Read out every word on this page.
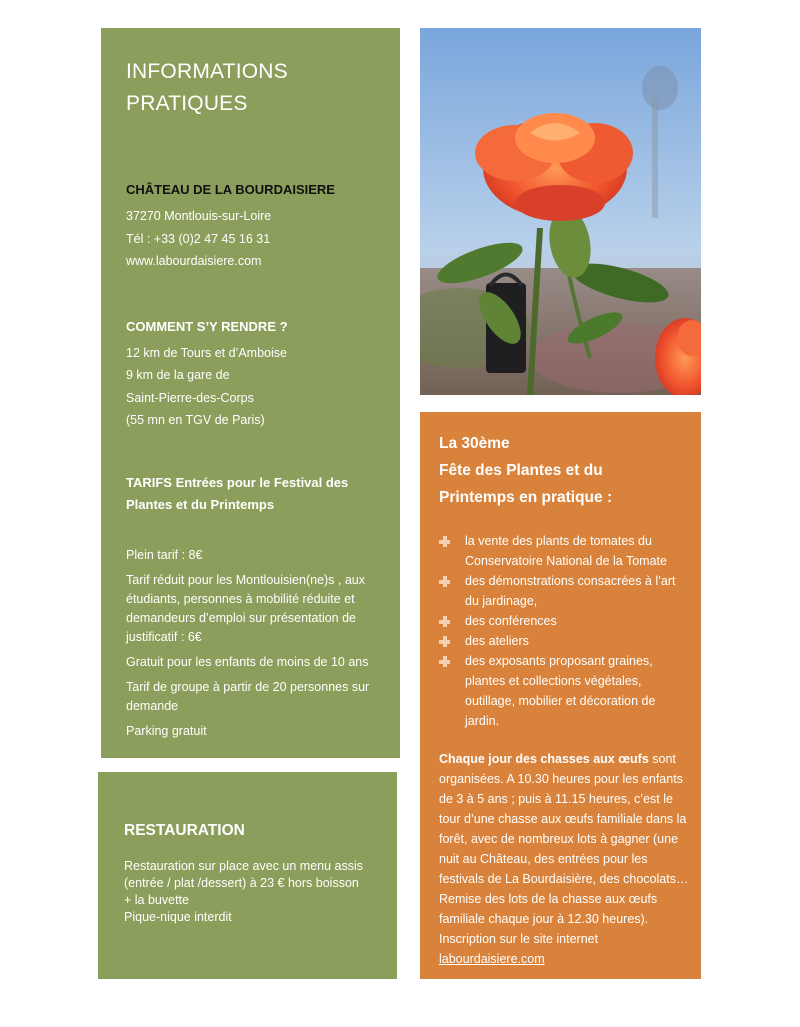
INFORMATIONS
PRATIQUES

CHÂTEAU DE LA BOURDAISIERE

37270 Montlouis-sur-Loire

Tél : +33 (0)2 47 45 16 31

www.labourdaisiere.com

COMMENT S’Y RENDRE ?

12 km de Tours et d’Amboise

9 km de la gare de

Saint-Pierre-des-Corps

(55 mn en TGV de Paris)

TARIFS Entrées pour le Festival des

Plantes et du Printemps

Plein tarif : 8€

Tarif réduit pour les Montlouisien(ne)s , aux étudiants, personnes à mobilité réduite et demandeurs d’emploi sur présentation de justificatif : 6€

Gratuit pour les enfants de moins de 10 ans

Tarif de groupe à partir de 20 personnes sur demande

Parking gratuit

RESTAURATION

Restauration sur place avec un menu assis

(entrée / plat /dessert) à 23 € hors boisson

+ la buvette

Pique-nique interdit

La 30ème

Fête des Plantes et du

Printemps en pratique :

la vente des plants de tomates du Conservatoire National de la Tomate
des démonstrations consacrées à l’art du jardinage,
des conférences
des ateliers
des exposants proposant graines, plantes et collections végétales, outillage, mobilier et décoration de jardin.

Chaque jour des chasses aux œufs sont organisées. A 10.30 heures pour les enfants de 3 à 5 ans ; puis à 11.15 heures, c’est le tour d’une chasse aux œufs familiale dans la forêt, avec de nombreux lots à gagner (une nuit au Château, des entrées pour les festivals de La Bourdaisière, des chocolats…Remise des lots de la chasse aux œufs familiale chaque jour à 12.30 heures). Inscription sur le site internet labourdaisiere.com
